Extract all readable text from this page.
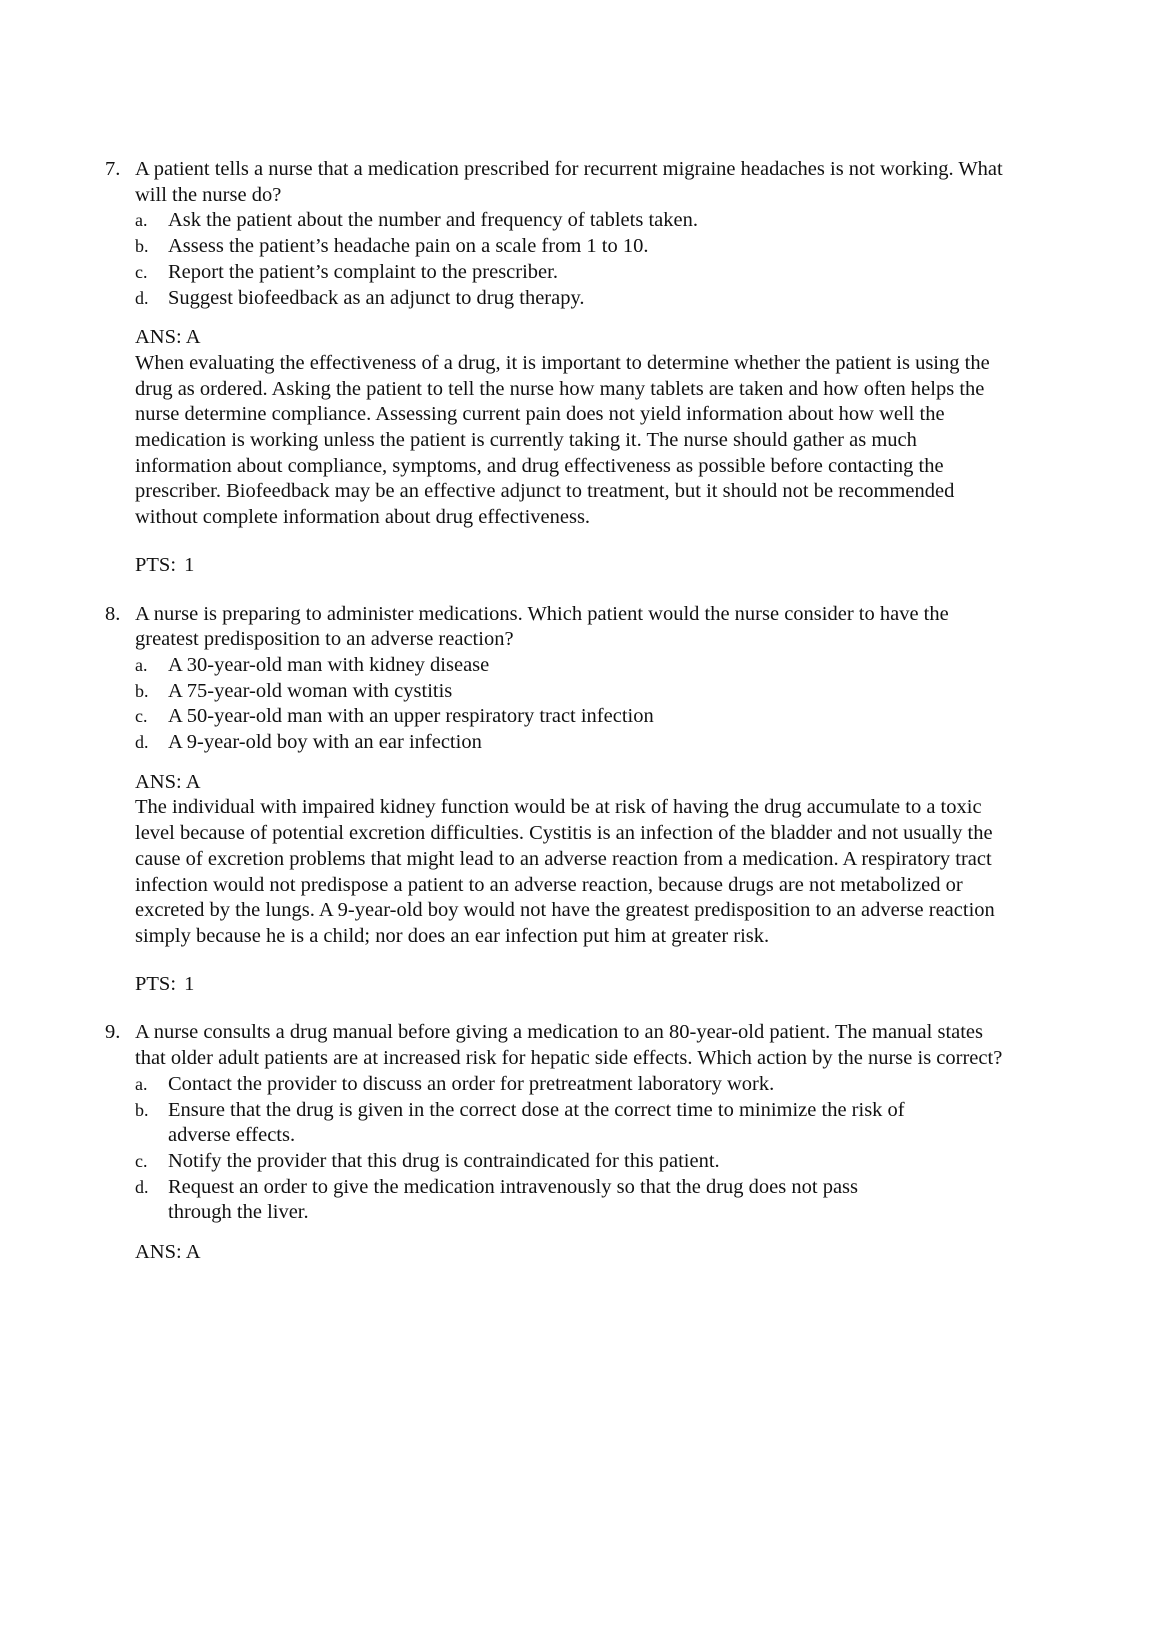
7. A patient tells a nurse that a medication prescribed for recurrent migraine headaches is not working. What will the nurse do?
a. Ask the patient about the number and frequency of tablets taken.
b. Assess the patient’s headache pain on a scale from 1 to 10.
c. Report the patient’s complaint to the prescriber.
d. Suggest biofeedback as an adjunct to drug therapy.
ANS: A

When evaluating the effectiveness of a drug, it is important to determine whether the patient is using the drug as ordered. Asking the patient to tell the nurse how many tablets are taken and how often helps the nurse determine compliance. Assessing current pain does not yield information about how well the medication is working unless the patient is currently taking it. The nurse should gather as much information about compliance, symptoms, and drug effectiveness as possible before contacting the prescriber. Biofeedback may be an effective adjunct to treatment, but it should not be recommended without complete information about drug effectiveness.

PTS: 1
8. A nurse is preparing to administer medications. Which patient would the nurse consider to have the greatest predisposition to an adverse reaction?
a. A 30-year-old man with kidney disease
b. A 75-year-old woman with cystitis
c. A 50-year-old man with an upper respiratory tract infection
d. A 9-year-old boy with an ear infection
ANS: A

The individual with impaired kidney function would be at risk of having the drug accumulate to a toxic level because of potential excretion difficulties. Cystitis is an infection of the bladder and not usually the cause of excretion problems that might lead to an adverse reaction from a medication. A respiratory tract infection would not predispose a patient to an adverse reaction, because drugs are not metabolized or excreted by the lungs. A 9-year-old boy would not have the greatest predisposition to an adverse reaction simply because he is a child; nor does an ear infection put him at greater risk.

PTS: 1
9. A nurse consults a drug manual before giving a medication to an 80-year-old patient. The manual states that older adult patients are at increased risk for hepatic side effects. Which action by the nurse is correct?
a. Contact the provider to discuss an order for pretreatment laboratory work.
b. Ensure that the drug is given in the correct dose at the correct time to minimize the risk of adverse effects.
c. Notify the provider that this drug is contraindicated for this patient.
d. Request an order to give the medication intravenously so that the drug does not pass through the liver.
ANS: A
